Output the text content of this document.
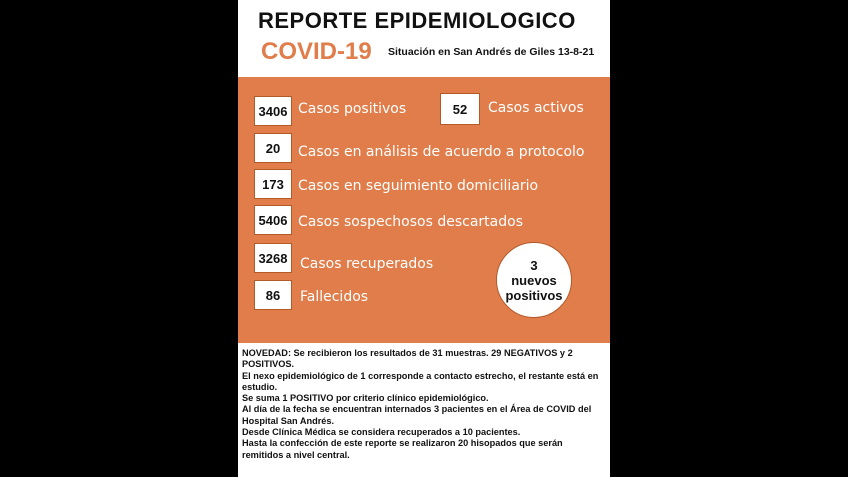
REPORTE EPIDEMIOLOGICO
COVID-19 Situación en San Andrés de Giles 13-8-21
3406 Casos positivos	52	Casos activos
20	Casos en análisis de acuerdo a protocolo
173	Casos en seguimiento domiciliario
5406 Casos sospechosos descartados
3268 Casos recuperados
86	Fallecidos
3
nuevos
positivos
NOVEDAD: Se recibieron los resultados de 31 muestras. 29 NEGATIVOS y 2 POSITIVOS.
El nexo epidemiológico de 1 corresponde a contacto estrecho, el restante está en estudio.
Se suma 1 POSITIVO por criterio clínico epidemiológico.
Al día de la fecha se encuentran internados 3 pacientes en el Área de COVID del Hospital San Andrés.
Desde Clínica Médica se considera recuperados a 10 pacientes.
Hasta la confección de este reporte se realizaron 20 hisopados que serán remitidos a nivel central.
